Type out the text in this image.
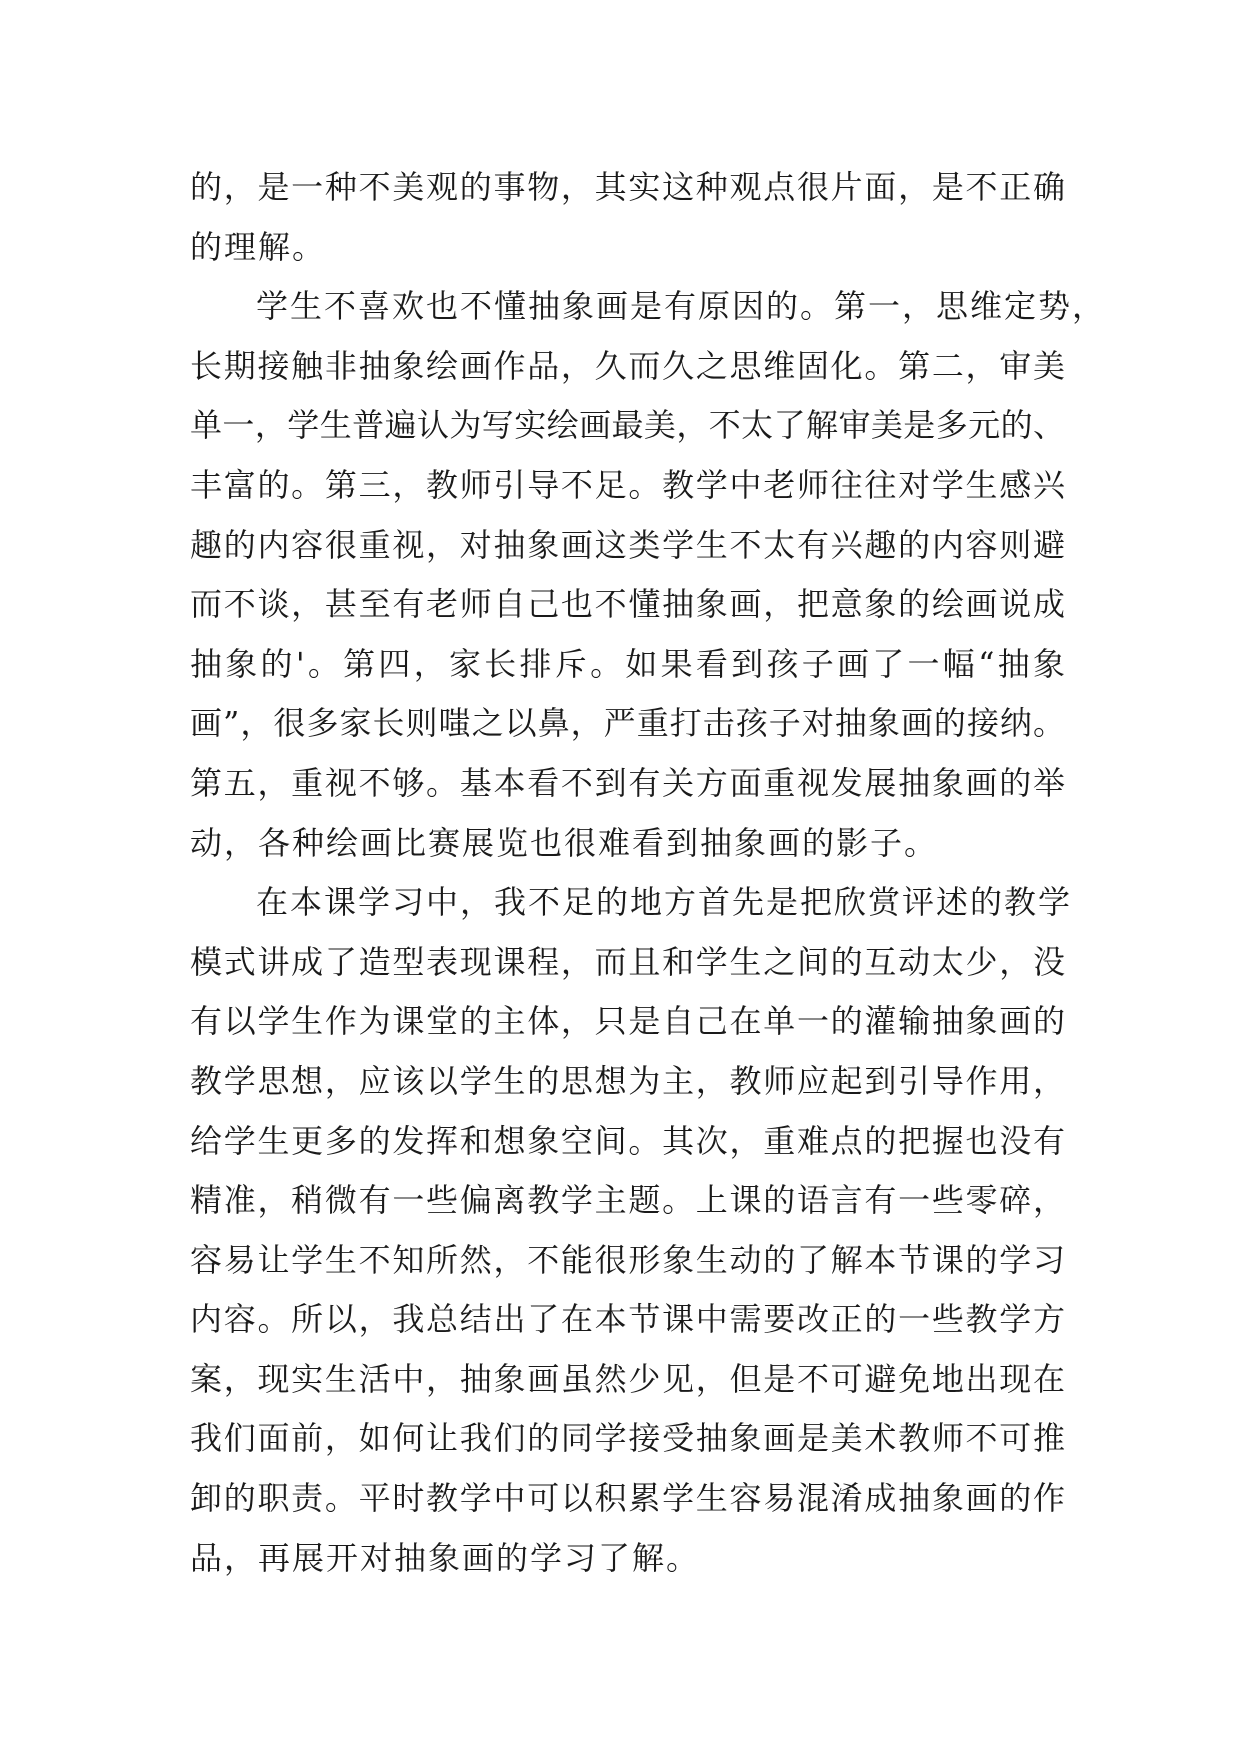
的，是一种不美观的事物，其实这种观点很片面，是不正确
的理解。
学生不喜欢也不懂抽象画是有原因的。第一，思维定势，
长期接触非抽象绘画作品，久而久之思维固化。第二，审美
单一，学生普遍认为写实绘画最美，不太了解审美是多元的、
丰富的。第三，教师引导不足。教学中老师往往对学生感兴
趣的内容很重视，对抽象画这类学生不太有兴趣的内容则避
而不谈，甚至有老师自己也不懂抽象画，把意象的绘画说成
抽象的'。第四，家长排斥。如果看到孩子画了一幅“抽象
画”，很多家长则嗤之以鼻，严重打击孩子对抽象画的接纳。
第五，重视不够。基本看不到有关方面重视发展抽象画的举
动，各种绘画比赛展览也很难看到抽象画的影子。
在本课学习中，我不足的地方首先是把欣赏评述的教学
模式讲成了造型表现课程，而且和学生之间的互动太少，没
有以学生作为课堂的主体，只是自己在单一的灌输抽象画的
教学思想，应该以学生的思想为主，教师应起到引导作用，
给学生更多的发挥和想象空间。其次，重难点的把握也没有
精准，稍微有一些偏离教学主题。上课的语言有一些零碎，
容易让学生不知所然，不能很形象生动的了解本节课的学习
内容。所以，我总结出了在本节课中需要改正的一些教学方
案，现实生活中，抽象画虽然少见，但是不可避免地出现在
我们面前，如何让我们的同学接受抽象画是美术教师不可推
卸的职责。平时教学中可以积累学生容易混淆成抽象画的作
品，再展开对抽象画的学习了解。
